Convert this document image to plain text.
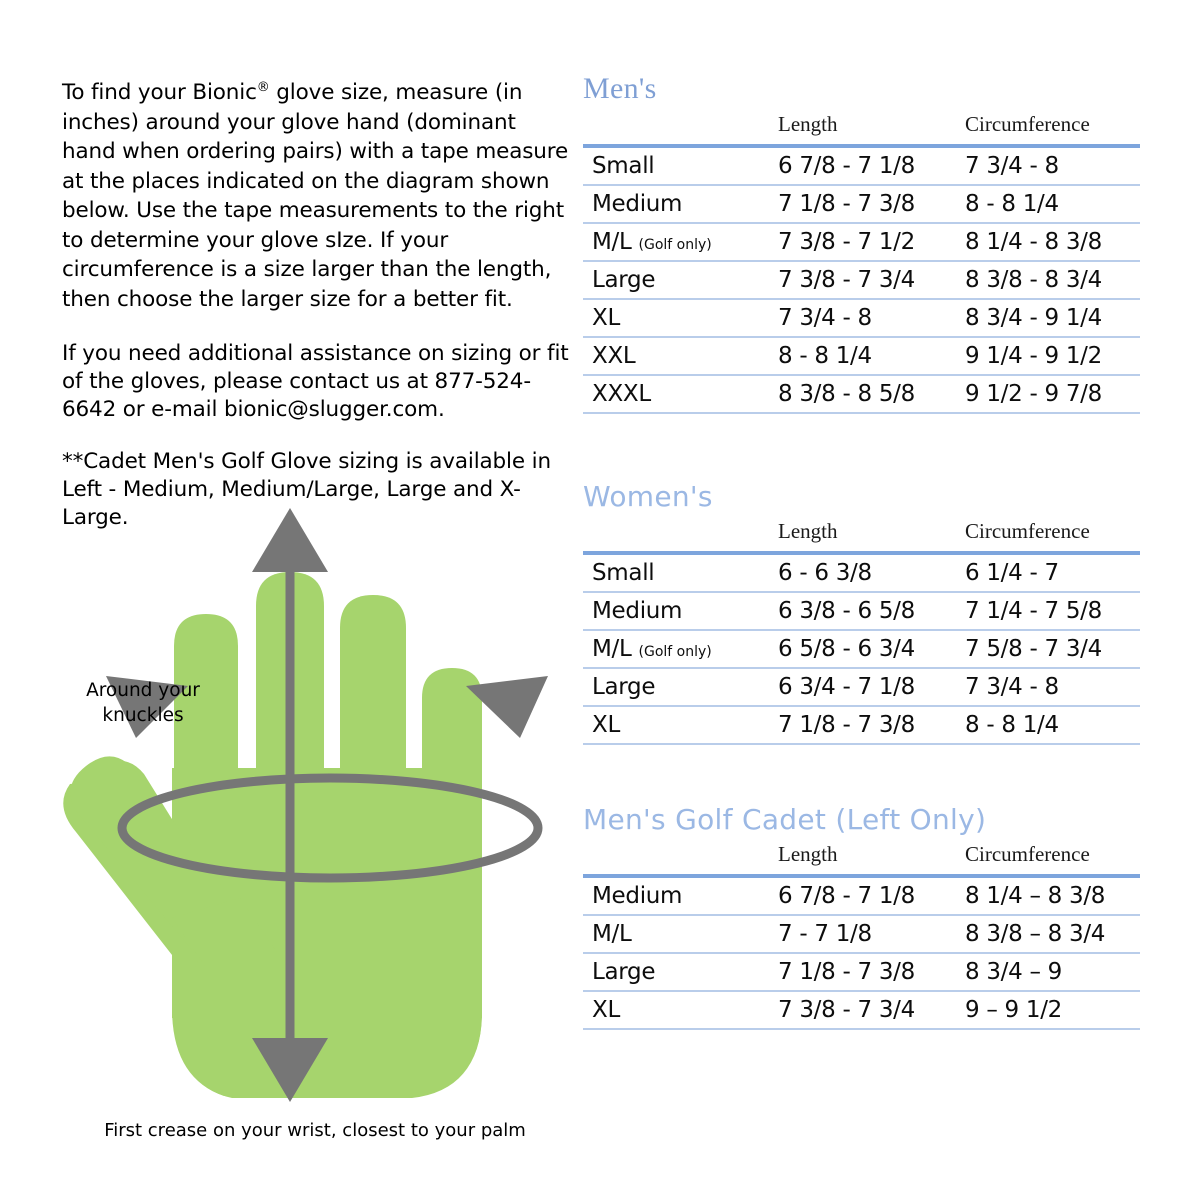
To find your Bionic® glove size, measure (in inches) around your glove hand (dominant hand when ordering pairs) with a tape measure at the places indicated on the diagram shown below. Use the tape measurements to the right to determine your glove sIze. If your circumference is a size larger than the length, then choose the larger size for a better fit.

If you need additional assistance on sizing or fit of the gloves, please contact us at 877-524-6642 or e-mail bionic@slugger.com.

**Cadet Men's Golf Glove sizing is available in Left - Medium, Medium/Large, Large and X-Large.

Around your knuckles
First crease on your wrist, closest to your palm
Men's
	Length	Circumference
Small	6 7/8 - 7 1/8	7 3/4 - 8
Medium	7 1/8 - 7 3/8	8 - 8 1/4
M/L (Golf only)	7 3/8 - 7 1/2	8 1/4 - 8 3/8
Large	7 3/8 - 7 3/4	8 3/8 - 8 3/4
XL	7 3/4 - 8	8 3/4 - 9 1/4
XXL	8 - 8 1/4	9 1/4 - 9 1/2
XXXL	8 3/8 - 8 5/8	9 1/2 - 9 7/8
Women's
	Length	Circumference
Small	6 - 6 3/8	6 1/4 - 7
Medium	6 3/8 - 6 5/8	7 1/4 - 7 5/8
M/L (Golf only)	6 5/8 - 6 3/4	7 5/8 - 7 3/4
Large	6 3/4 - 7 1/8	7 3/4 - 8
XL	7 1/8 - 7 3/8	8 - 8 1/4
Men's Golf Cadet (Left Only)
	Length	Circumference
Medium	6 7/8 - 7 1/8	8 1/4 – 8 3/8
M/L	7 - 7 1/8	8 3/8 – 8 3/4
Large	7 1/8 - 7 3/8	8 3/4 – 9
XL	7 3/8 - 7 3/4	9 – 9 1/2
